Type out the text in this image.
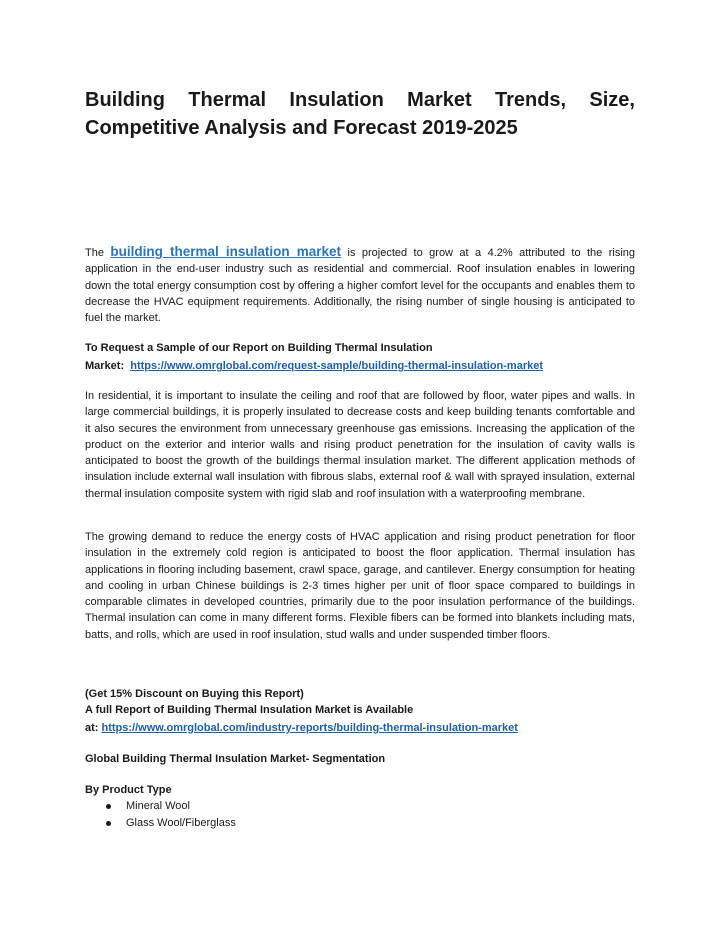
Building Thermal Insulation Market Trends, Size, Competitive Analysis and Forecast 2019-2025

The building thermal insulation market is projected to grow at a 4.2% attributed to the rising application in the end-user industry such as residential and commercial. Roof insulation enables in lowering down the total energy consumption cost by offering a higher comfort level for the occupants and enables them to decrease the HVAC equipment requirements. Additionally, the rising number of single housing is anticipated to fuel the market.

To Request a Sample of our Report on Building Thermal Insulation

Market: https://www.omrglobal.com/request-sample/building-thermal-insulation-market

In residential, it is important to insulate the ceiling and roof that are followed by floor, water pipes and walls. In large commercial buildings, it is properly insulated to decrease costs and keep building tenants comfortable and it also secures the environment from unnecessary greenhouse gas emissions. Increasing the application of the product on the exterior and interior walls and rising product penetration for the insulation of cavity walls is anticipated to boost the growth of the buildings thermal insulation market. The different application methods of insulation include external wall insulation with fibrous slabs, external roof & wall with sprayed insulation, external thermal insulation composite system with rigid slab and roof insulation with a waterproofing membrane.

The growing demand to reduce the energy costs of HVAC application and rising product penetration for floor insulation in the extremely cold region is anticipated to boost the floor application. Thermal insulation has applications in flooring including basement, crawl space, garage, and cantilever. Energy consumption for heating and cooling in urban Chinese buildings is 2-3 times higher per unit of floor space compared to buildings in comparable climates in developed countries, primarily due to the poor insulation performance of the buildings. Thermal insulation can come in many different forms. Flexible fibers can be formed into blankets including mats, batts, and rolls, which are used in roof insulation, stud walls and under suspended timber floors.

(Get 15% Discount on Buying this Report)

A full Report of Building Thermal Insulation Market is Available

at: https://www.omrglobal.com/industry-reports/building-thermal-insulation-market

Global Building Thermal Insulation Market- Segmentation

By Product Type

Mineral Wool
Glass Wool/Fiberglass
